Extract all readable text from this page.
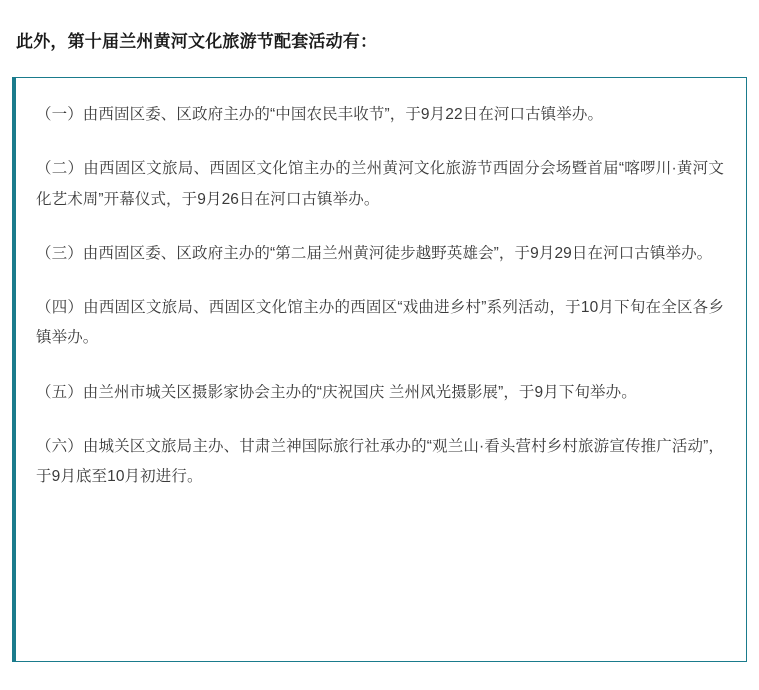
此外，第十届兰州黄河文化旅游节配套活动有：

（一）由西固区委、区政府主办的“中国农民丰收节”，于9月22日在河口古镇举办。

（二）由西固区文旅局、西固区文化馆主办的兰州黄河文化旅游节西固分会场暨首届“喀啰川·黄河文化艺术周”开幕仪式，于9月26日在河口古镇举办。

（三）由西固区委、区政府主办的“第二届兰州黄河徒步越野英雄会”，于9月29日在河口古镇举办。

（四）由西固区文旅局、西固区文化馆主办的西固区“戏曲进乡村”系列活动，于10月下旬在全区各乡镇举办。

（五）由兰州市城关区摄影家协会主办的“庆祝国庆 兰州风光摄影展”，于9月下旬举办。

（六）由城关区文旅局主办、甘肃兰神国际旅行社承办的“观兰山·看头营村乡村旅游宣传推广活动”，于9月底至10月初进行。
